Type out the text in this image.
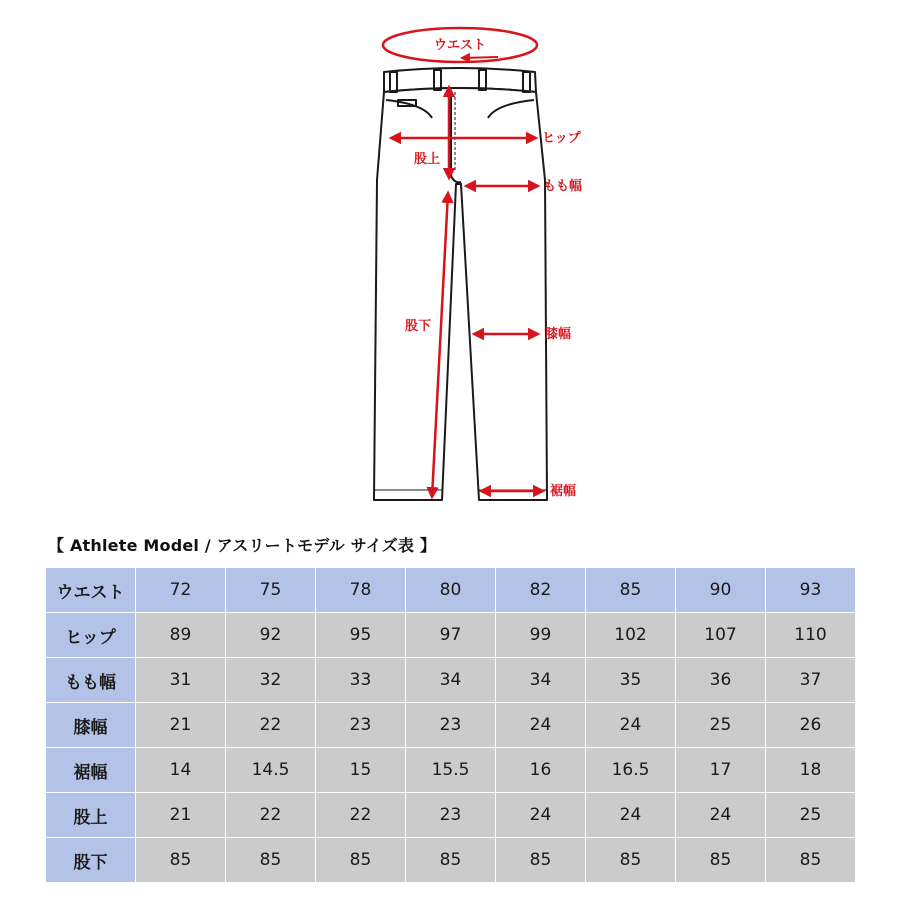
ウエスト
ヒップ
股上
もも幅
股下
膝幅
裾幅
【 Athlete Model / アスリートモデル サイズ表 】
ウエスト	72	75	78	80	82	85	90	93
ヒップ	89	92	95	97	99	102	107	110
もも幅	31	32	33	34	34	35	36	37
膝幅	21	22	23	23	24	24	25	26
裾幅	14	14.5	15	15.5	16	16.5	17	18
股上	21	22	22	23	24	24	24	25
股下	85	85	85	85	85	85	85	85
